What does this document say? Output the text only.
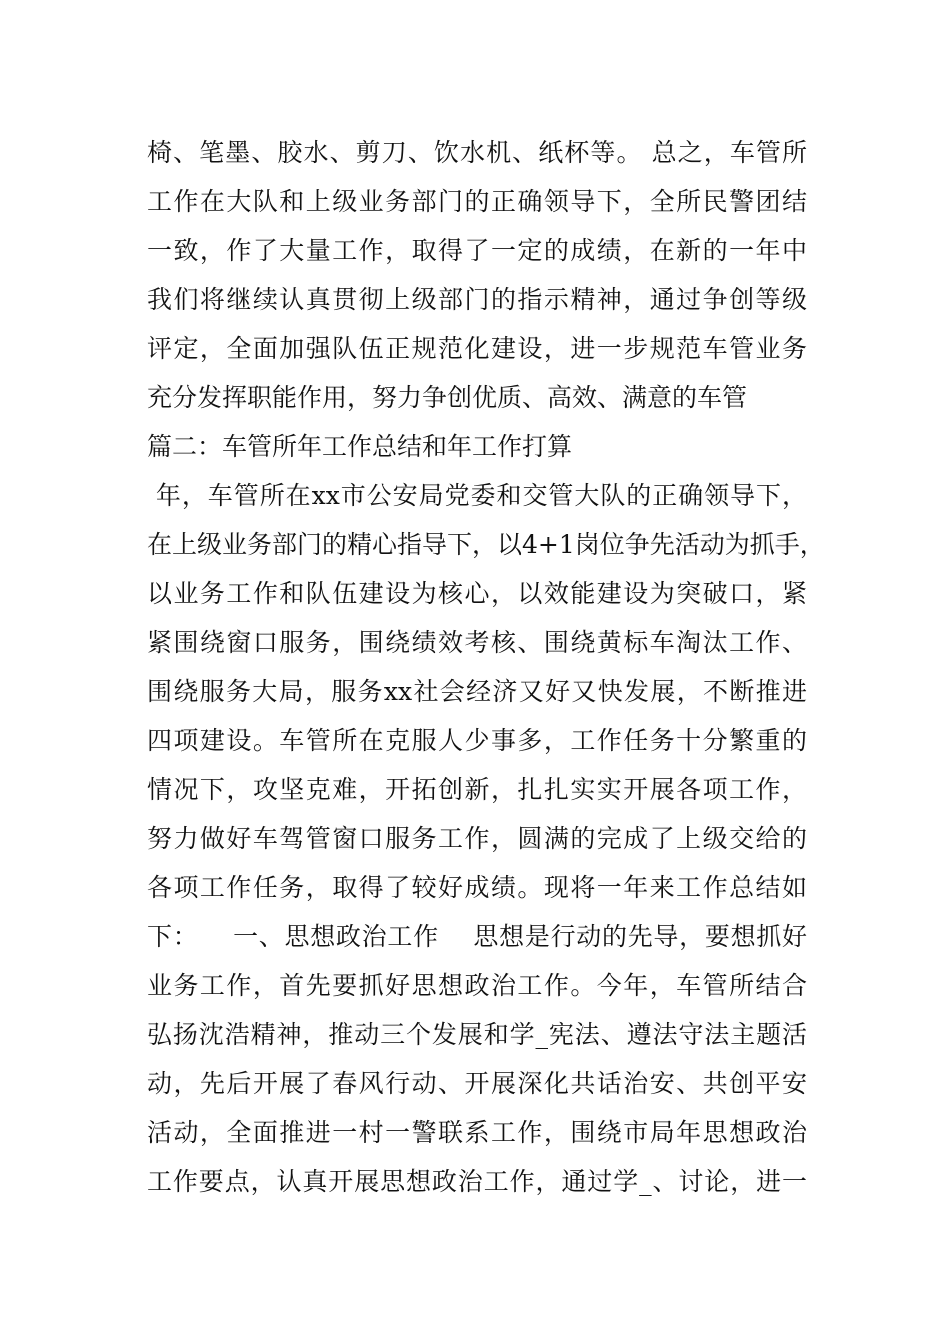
椅、笔墨、胶水、剪刀、饮水机、纸杯等。 总之，车管所
工作在大队和上级业务部门的正确领导下，全所民警团结
一致，作了大量工作，取得了一定的成绩，在新的一年中
我们将继续认真贯彻上级部门的指示精神，通过争创等级
评定，全面加强队伍正规范化建设，进一步规范车管业务
充分发挥职能作用，努力争创优质、高效、满意的车管
篇二：车管所年工作总结和年工作打算
年，车管所在xx市公安局党委和交管大队的正确领导下，
在上级业务部门的精心指导下，以4+1岗位争先活动为抓手，
以业务工作和队伍建设为核心，以效能建设为突破口，紧
紧围绕窗口服务，围绕绩效考核、围绕黄标车淘汰工作、
围绕服务大局，服务xx社会经济又好又快发展，不断推进
四项建设。车管所在克服人少事多，工作任务十分繁重的
情况下，攻坚克难，开拓创新，扎扎实实开展各项工作，
努力做好车驾管窗口服务工作，圆满的完成了上级交给的
各项工作任务，取得了较好成绩。现将一年来工作总结如
下：    一、思想政治工作    思想是行动的先导，要想抓好
业务工作，首先要抓好思想政治工作。今年，车管所结合
弘扬沈浩精神，推动三个发展和学_宪法、遵法守法主题活
动，先后开展了春风行动、开展深化共话治安、共创平安
活动，全面推进一村一警联系工作，围绕市局年思想政治
工作要点，认真开展思想政治工作，通过学_、讨论，进一
